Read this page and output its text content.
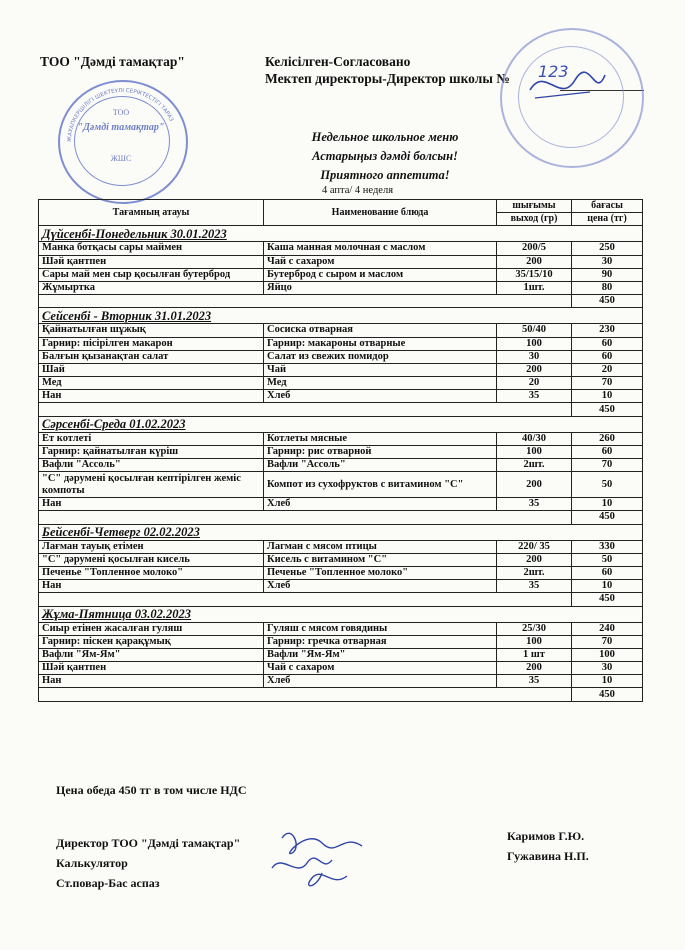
ТОО "Дəмді тамақтар"	Келісілген-Согласовано
Мектеп директоры-Директор школы № 123
ЖАУАПКЕРШІЛІГІ ШЕКТЕУЛІ СЕРІКТЕСТІГІ ТАРАЗ
ТОО
"Дəмді тамақтар"
ЖШС
Недельное школьное меню
Астарыңыз дəмді болсын!
Приятного аппетита!
4 апта/ 4 неделя
Тағамның атауы	Наименование блюда	шығымы	бағасы
		выход (гр)	цена (тг)
Дүйсенбі-Понедельник 30.01.2023			
Манка ботқасы сары маймен	Каша манная молочная с маслом	200/5	250
Шəй қантпен	Чай с сахаром	200	30
Сары май мен сыр қосылған бутерброд	Бутерброд с сыром и маслом	35/15/10	90
Жұмыртка	Яйцо	1шт.	80
			450
Сейсенбі - Вторник 31.01.2023			
Қайнатылған шұжық	Сосиска отварная	50/40	230
Гарнир: пісірілген макарон	Гарнир: макароны отварные	100	60
Балғын қызанақтан салат	Салат из свежих помидор	30	60
Шай	Чай	200	20
Мед	Мед	20	70
Нан	Хлеб	35	10
			450
Сəрсенбі-Среда 01.02.2023			
Ет котлеті	Котлеты мясные	40/30	260
Гарнир: қайнатылған күріш	Гарнир: рис отварной	100	60
Вафли "Ассоль"	Вафли "Ассоль"	2шт.	70
"С" дəрумені қосылған кептірілген жеміс компоты	Компот из сухофруктов с витамином "С"	200	50
Нан	Хлеб	35	10
			450
Бейсенбі-Четверг 02.02.2023			
Лағман тауық етімен	Лагман с мясом птицы	220/ 35	330
"С" дəрумені қосылған кисель	Кисель с витамином "С"	200	50
Печенье "Топленное молоко"	Печенье "Топленное молоко"	2шт.	60
Нан	Хлеб	35	10
			450
Жұма-Пятница 03.02.2023			
Сиыр етінен жасалған гуляш	Гуляш с мясом говядины	25/30	240
Гарнир: піскен қарақұмық	Гарнир: гречка отварная	100	70
Вафли "Ям-Ям"	Вафли "Ям-Ям"	1 шт	100
Шəй қантпен	Чай с сахаром	200	30
Нан	Хлеб	35	10
			450
Цена обеда 450 тг в том числе НДС
Директор ТОО "Дəмді тамақтар"
Калькулятор
Ст.повар-Бас аспаз
Каримов Г.Ю.
Гужавина Н.П.
